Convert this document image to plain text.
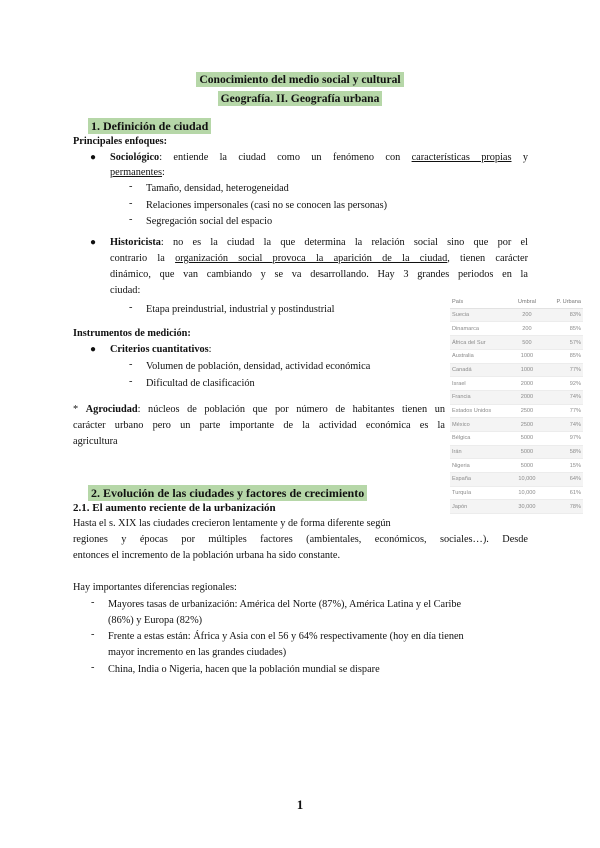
Conocimiento del medio social y cultural
Geografía. II. Geografía urbana
1. Definición de ciudad
Principales enfoques:
● Sociológico: entiende la ciudad como un fenómeno con características propias y
permanentes:
- Tamaño, densidad, heterogeneidad
- Relaciones impersonales (casi no se conocen las personas)
- Segregación social del espacio
● Historicista: no es la ciudad la que determina la relación social sino que por el
contrario la organización social provoca la aparición de la ciudad, tienen carácter
dinámico, que van cambiando y se va desarrollando. Hay 3 grandes periodos en la
ciudad:
- Etapa preindustrial, industrial y postindustrial
Instrumentos de medición:
● Criterios cuantitativos:
- Volumen de población, densidad, actividad económica
- Dificultad de clasificación
* Agrociudad: núcleos de población que por número de habitantes tienen un
carácter urbano pero un parte importante de la actividad económica es la
agricultura
País	Umbral	P. Urbana
Suecia	200	83%
Dinamarca	200	85%
África del Sur	500	57%
Australia	1000	85%
Canadá	1000	77%
Israel	2000	92%
Francia	2000	74%
Estados Unidos	2500	77%
México	2500	74%
Bélgica	5000	97%
Irán	5000	58%
Nigeria	5000	15%
España	10,000	64%
Turquía	10,000	61%
Japón	30,000	78%
2. Evolución de las ciudades y factores de crecimiento
2.1. El aumento reciente de la urbanización
Hasta el s. XIX las ciudades crecieron lentamente y de forma diferente según
regiones y épocas por múltiples factores (ambientales, económicos, sociales…). Desde
entonces el incremento de la población urbana ha sido constante.
Hay importantes diferencias regionales:
- Mayores tasas de urbanización: América del Norte (87%), América Latina y el Caribe
(86%) y Europa (82%)
- Frente a estas están: África y Asia con el 56 y 64% respectivamente (hoy en día tienen
mayor incremento en las grandes ciudades)
- China, India o Nigeria, hacen que la población mundial se dispare
1
